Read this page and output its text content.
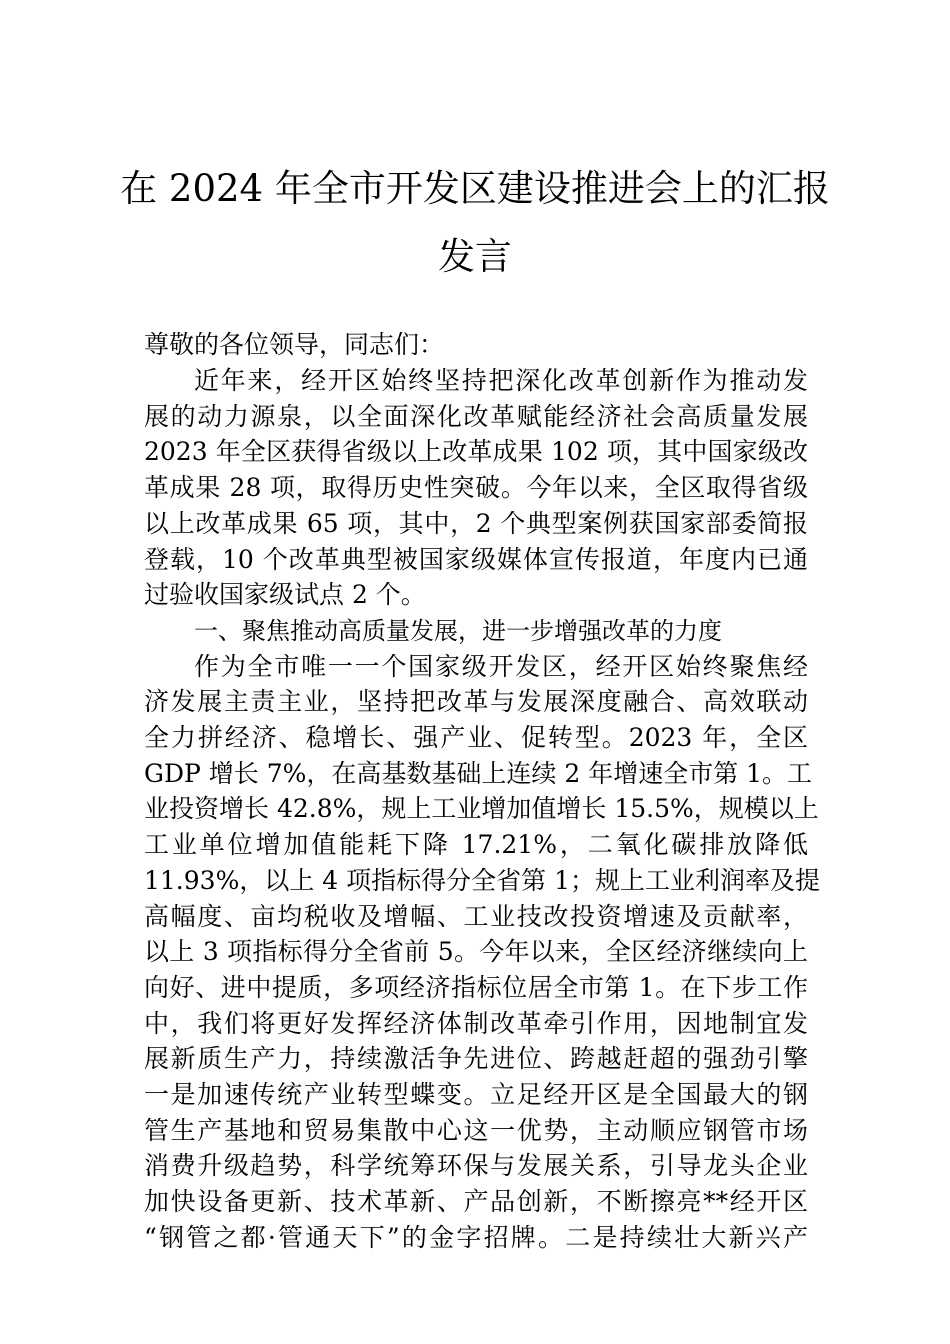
在 2024 年全市开发区建设推进会上的汇报
发言
尊敬的各位领导，同志们：
近年来，经开区始终坚持把深化改革创新作为推动发
展的动力源泉，以全面深化改革赋能经济社会高质量发展
2023 年全区获得省级以上改革成果 102 项，其中国家级改
革成果 28 项，取得历史性突破。今年以来，全区取得省级
以上改革成果 65 项，其中，2 个典型案例获国家部委简报
登载，10 个改革典型被国家级媒体宣传报道，年度内已通
过验收国家级试点 2 个。
一、聚焦推动高质量发展，进一步增强改革的力度
作为全市唯一一个国家级开发区，经开区始终聚焦经
济发展主责主业，坚持把改革与发展深度融合、高效联动
全力拼经济、稳增长、强产业、促转型。2023 年，全区
GDP 增长 7%，在高基数基础上连续 2 年增速全市第 1。工
业投资增长 42.8%，规上工业增加值增长 15.5%，规模以上
工业单位增加值能耗下降 17.21%，二氧化碳排放降低
11.93%，以上 4 项指标得分全省第 1；规上工业利润率及提
高幅度、亩均税收及增幅、工业技改投资增速及贡献率，
以上 3 项指标得分全省前 5。今年以来，全区经济继续向上
向好、进中提质，多项经济指标位居全市第 1。在下步工作
中，我们将更好发挥经济体制改革牵引作用，因地制宜发
展新质生产力，持续激活争先进位、跨越赶超的强劲引擎
一是加速传统产业转型蝶变。立足经开区是全国最大的钢
管生产基地和贸易集散中心这一优势，主动顺应钢管市场
消费升级趋势，科学统筹环保与发展关系，引导龙头企业
加快设备更新、技术革新、产品创新，不断擦亮**经开区
“钢管之都·管通天下”的金字招牌。二是持续壮大新兴产
